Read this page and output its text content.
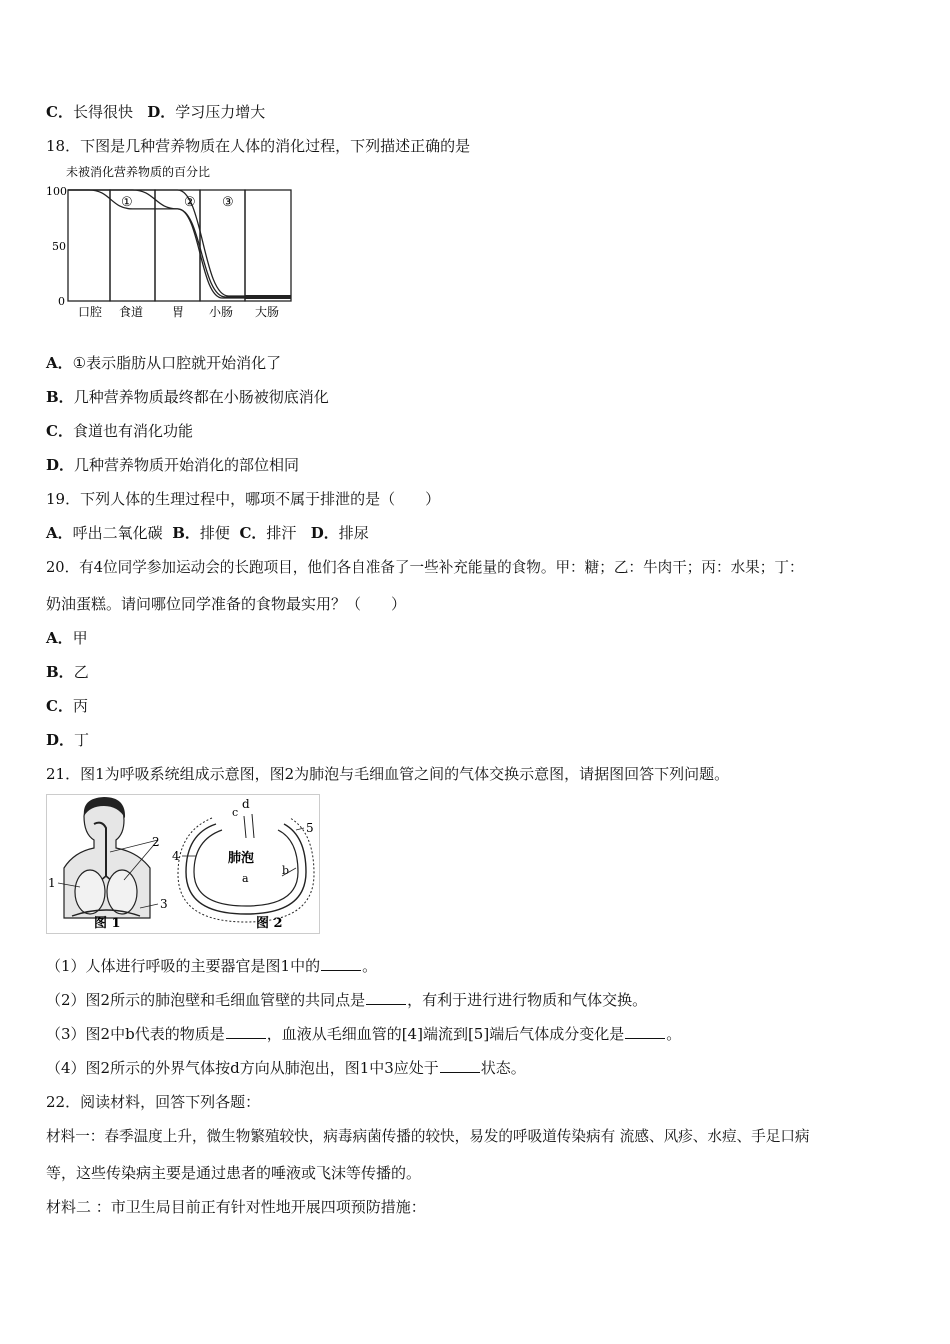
C．长得很快 D．学习压力增大
18．下图是几种营养物质在人体的消化过程，下列描述正确的是
未被消化营养物质的百分比
100
50
0
口腔 食道 胃 小肠 大肠
①	② ③
A．①表示脂肪从口腔就开始消化了
B．几种营养物质最终都在小肠被彻底消化
C．食道也有消化功能
D．几种营养物质开始消化的部位相同
19．下列人体的生理过程中，哪项不属于排泄的是（　　）
A．呼出二氧化碳 B．排便 C．排汗 D．排尿
20．有4位同学参加运动会的长跑项目，他们各自准备了一些补充能量的食物。甲：糖；乙：牛肉干；丙：水果；丁：
奶油蛋糕。请问哪位同学准备的食物最实用？（　　）
A．甲
B．乙
C．丙
D．丁
21．图1为呼吸系统组成示意图，图2为肺泡与毛细血管之间的气体交换示意图，请据图回答下列问题。
1
2
3
图 1
c
d
4
5
a
b
肺泡
图 2
（1）人体进行呼吸的主要器官是图1中的	。
（2）图2所示的肺泡壁和毛细血管壁的共同点是	，有利于进行进行物质和气体交换。
（3）图2中b代表的物质是	，血液从毛细血管的[4]端流到[5]端后气体成分变化是	。
（4）图2所示的外界气体按d方向从肺泡出，图1中3应处于	状态。
22．阅读材料，回答下列各题：
材料一：春季温度上升，微生物繁殖较快，病毒病菌传播的较快，易发的呼吸道传染病有 流感、风疹、水痘、手足口病
等，这些传染病主要是通过患者的唾液或飞沫等传播的。
材料二 ：市卫生局目前正有针对性地开展四项预防措施：
